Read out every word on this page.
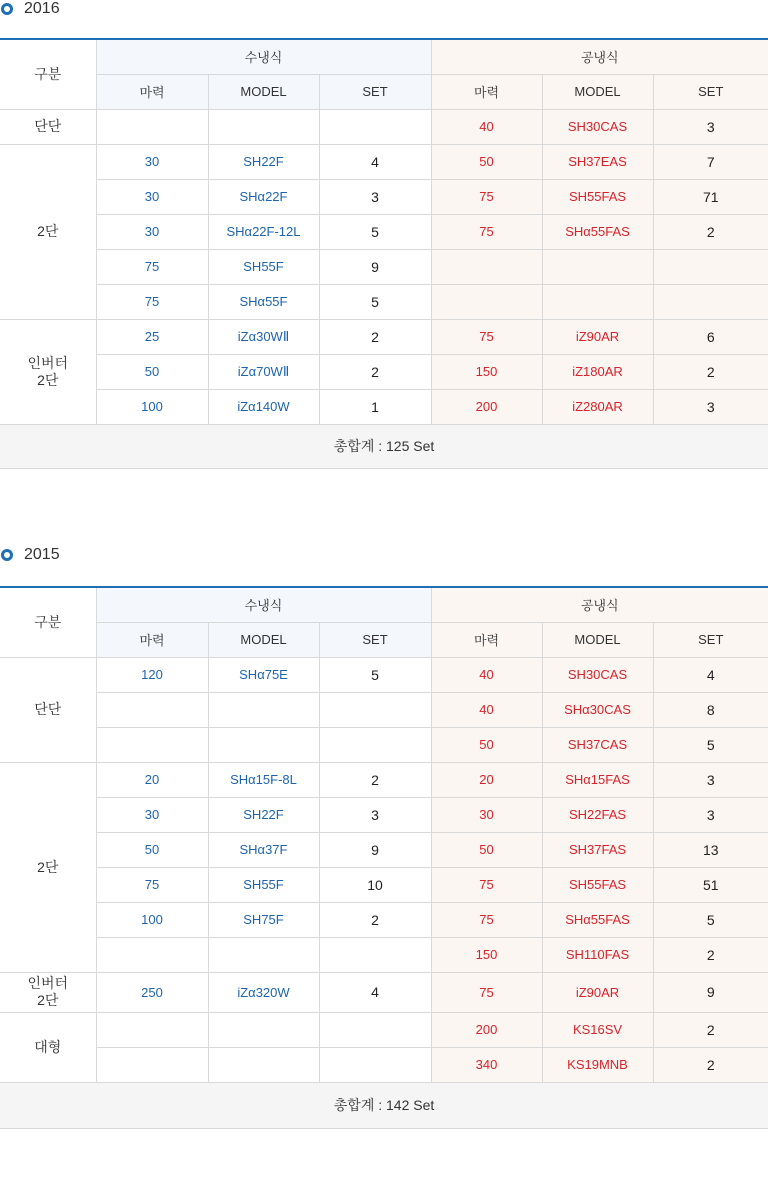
2016
구분	수냉식			공냉식		
	마력	MODEL	SET	마력	MODEL	SET
단단				40	SH30CAS	3
2단	30	SH22F	4	50	SH37EAS	7
	30	SHα22F	3	75	SH55FAS	71
	30	SHα22F-12L	5	75	SHα55FAS	2
	75	SH55F	9			
	75	SHα55F	5			
인버터
2단	25	iZα30WⅡ	2	75	iZ90AR	6
	50	iZα70WⅡ	2	150	iZ180AR	2
	100	iZα140W	1	200	iZ280AR	3
총합계 : 125 Set						
2015
구분	수냉식			공냉식		
	마력	MODEL	SET	마력	MODEL	SET
단단	120	SHα75E	5	40	SH30CAS	4
				40	SHα30CAS	8
				50	SH37CAS	5
2단	20	SHα15F-8L	2	20	SHα15FAS	3
	30	SH22F	3	30	SH22FAS	3
	50	SHα37F	9	50	SH37FAS	13
	75	SH55F	10	75	SH55FAS	51
	100	SH75F	2	75	SHα55FAS	5
				150	SH110FAS	2
인버터
2단	250	iZα320W	4	75	iZ90AR	9
대형				200	KS16SV	2
				340	KS19MNB	2
총합계 : 142 Set						
